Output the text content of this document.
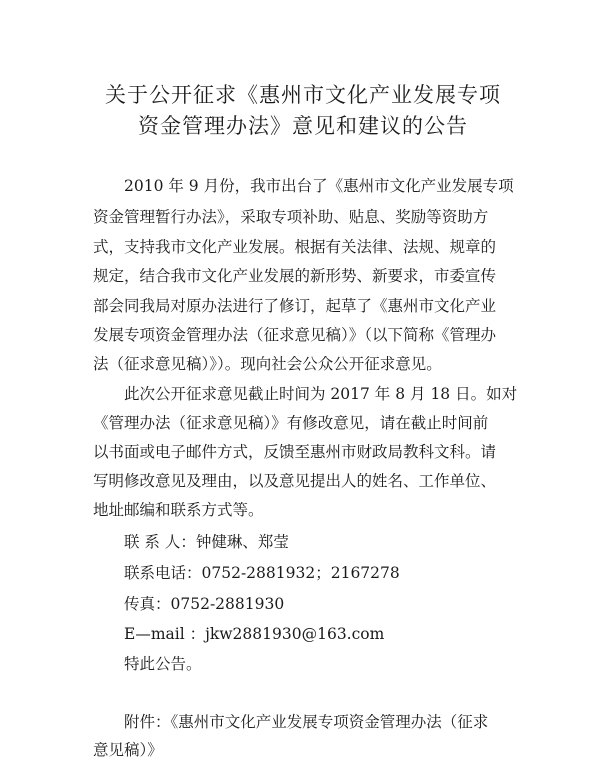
关于公开征求《惠州市文化产业发展专项
资金管理办法》意见和建议的公告
2010 年 9 月份，我市出台了《惠州市文化产业发展专项
资金管理暂行办法》，采取专项补助、贴息、奖励等资助方
式，支持我市文化产业发展。根据有关法律、法规、规章的
规定，结合我市文化产业发展的新形势、新要求，市委宣传
部会同我局对原办法进行了修订，起草了《惠州市文化产业
发展专项资金管理办法（征求意见稿）》（以下简称《管理办
法（征求意见稿）》）。现向社会公众公开征求意见。
此次公开征求意见截止时间为 2017 年 8 月 18 日。如对
《管理办法（征求意见稿）》有修改意见，请在截止时间前
以书面或电子邮件方式，反馈至惠州市财政局教科文科。请
写明修改意见及理由，以及意见提出人的姓名、工作单位、
地址邮编和联系方式等。
联 系 人：钟健琳、郑莹
联系电话：0752-2881932；2167278
传真：0752-2881930
E—mail ：jkw2881930@163.com
特此公告。
附件：《惠州市文化产业发展专项资金管理办法（征求
意见稿）》
